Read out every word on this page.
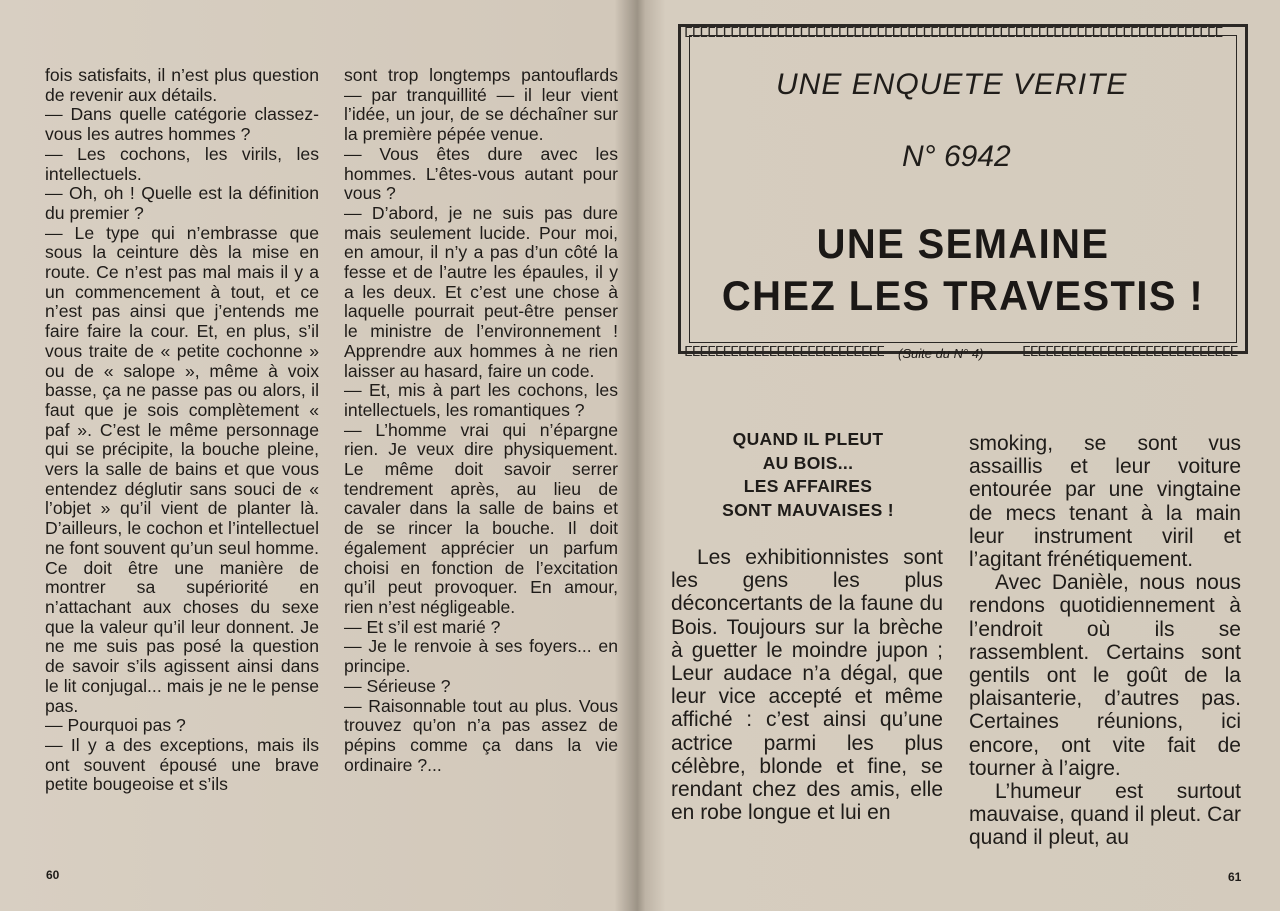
fois satisfaits, il n’est plus question de revenir aux détails.

— Dans quelle catégorie classez-vous les autres hommes ?

— Les cochons, les virils, les intellectuels.

— Oh, oh ! Quelle est la définition du premier ?

— Le type qui n’embrasse que sous la ceinture dès la mise en route. Ce n’est pas mal mais il y a un commencement à tout, et ce n’est pas ainsi que j’entends me faire faire la cour. Et, en plus, s’il vous traite de « petite cochonne » ou de « salope », même à voix basse, ça ne passe pas ou alors, il faut que je sois complètement « paf ». C’est le même personnage qui se précipite, la bouche pleine, vers la salle de bains et que vous entendez déglutir sans souci de « l’objet » qu’il vient de planter là. D’ailleurs, le cochon et l’intellectuel ne font souvent qu’un seul homme. Ce doit être une manière de montrer sa supériorité en n’attachant aux choses du sexe que la valeur qu’il leur donnent. Je ne me suis pas posé la question de savoir s’ils agissent ainsi dans le lit conjugal... mais je ne le pense pas.

— Pourquoi pas ?

— Il y a des exceptions, mais ils ont souvent épousé une brave petite bougeoise et s’ils

sont trop longtemps pantouflards — par tranquillité — il leur vient l’idée, un jour, de se déchaîner sur la première pépée venue.

— Vous êtes dure avec les hommes. L’êtes-vous autant pour vous ?

— D’abord, je ne suis pas dure mais seulement lucide. Pour moi, en amour, il n’y a pas d’un côté la fesse et de l’autre les épaules, il y a les deux. Et c’est une chose à laquelle pourrait peut-être penser le ministre de l’environnement ! Apprendre aux hommes à ne rien laisser au hasard, faire un code.

— Et, mis à part les cochons, les intellectuels, les romantiques ?

— L’homme vrai qui n’épargne rien. Je veux dire physiquement. Le même doit savoir serrer tendrement après, au lieu de cavaler dans la salle de bains et de se rincer la bouche. Il doit également apprécier un parfum choisi en fonction de l’excitation qu’il peut provoquer. En amour, rien n’est négligeable.

— Et s’il est marié ?

— Je le renvoie à ses foyers... en principe.

— Sérieuse ?

— Raisonnable tout au plus. Vous trouvez qu’on n’a pas assez de pépins comme ça dans la vie ordinaire ?...

60
ⵎⵎⵎⵎⵎⵎⵎⵎⵎⵎⵎⵎⵎⵎⵎⵎⵎⵎⵎⵎⵎⵎⵎⵎⵎⵎⵎⵎⵎⵎⵎⵎⵎⵎⵎⵎⵎⵎⵎⵎⵎⵎⵎⵎⵎⵎⵎⵎⵎⵎⵎⵎⵎⵎⵎⵎⵎⵎⵎⵎⵎⵎⵎⵎⵎⵎⵎⵎⵎⵎ
ⵎⵎⵎⵎⵎⵎⵎⵎⵎⵎⵎⵎⵎⵎⵎⵎⵎⵎⵎⵎⵎⵎⵎⵎⵎⵎ	ⵎⵎⵎⵎⵎⵎⵎⵎⵎⵎⵎⵎⵎⵎⵎⵎⵎⵎⵎⵎⵎⵎⵎⵎⵎⵎⵎⵎ
UNE ENQUETE VERITE
N° 6942
UNE SEMAINE
CHEZ LES TRAVESTIS !
(Suite du N° 4)
QUAND IL PLEUT
AU BOIS...
LES AFFAIRES
SONT MAUVAISES !

Les exhibitionnistes sont les gens les plus déconcertants de la faune du Bois. Toujours sur la brèche à guetter le moindre jupon ; Leur audace n’a dégal, que leur vice accepté et même affiché : c’est ainsi qu’une actrice parmi les plus célèbre, blonde et fine, se rendant chez des amis, elle en robe longue et lui en

smoking, se sont vus assaillis et leur voiture entourée par une vingtaine de mecs tenant à la main leur instrument viril et l’agitant frénétiquement.

Avec Danièle, nous nous rendons quotidiennement à l’endroit où ils se rassemblent. Certains sont gentils ont le goût de la plaisanterie, d’autres pas. Certaines réunions, ici encore, ont vite fait de tourner à l’aigre.

L’humeur est surtout mauvaise, quand il pleut. Car quand il pleut, au

61
